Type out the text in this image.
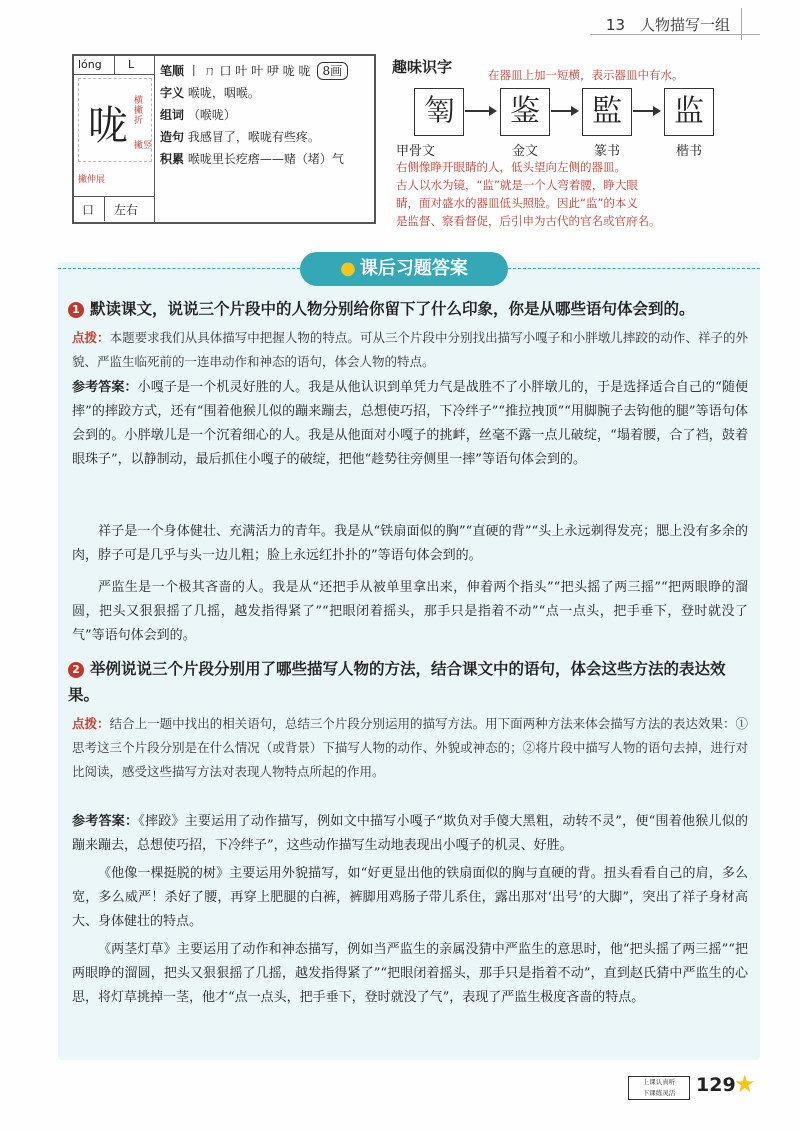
13　人物描写一组
lóng L
咙
横撇折
撇竖
撇伸展
口 左右
笔顺 丨 ㄇ 口 叶 叶 吚 咙 咙 8画
字义 喉咙，咽喉。
组词 （喉咙）
造句 我感冒了，喉咙有些疼。
积累 喉咙里长疙瘩——赌（堵）气
趣味识字	在器皿上加一短横，表示器皿中有水。
𠤄	鉴	監	监
甲骨文	金文	篆书	楷书
右侧像睁开眼睛的人，低头望向左侧的器皿。
古人以水为镜，“监”就是一个人弯着腰，睁大眼
睛，面对盛水的器皿低头照脸。因此“监”的本义
是监督、察看督促，后引申为古代的官名或官府名。
● 课后习题答案
1 默读课文，说说三个片段中的人物分别给你留下了什么印象，你是从哪些语句体会到的。
点拨：本题要求我们从具体描写中把握人物的特点。可从三个片段中分别找出描写小嘎子和小胖墩儿摔跤的动作、祥子的外貌、严监生临死前的一连串动作和神态的语句，体会人物的特点。
参考答案：小嘎子是一个机灵好胜的人。我是从他认识到单凭力气是战胜不了小胖墩儿的，于是选择适合自己的“随便摔”的摔跤方式，还有“围着他猴儿似的蹦来蹦去，总想使巧招，下冷绊子”“推拉拽顶”“用脚腕子去钩他的腿”等语句体会到的。小胖墩儿是一个沉着细心的人。我是从他面对小嘎子的挑衅，丝毫不露一点儿破绽，“塌着腰，合了裆，鼓着眼珠子”，以静制动，最后抓住小嘎子的破绽，把他“趁势往旁侧里一摔”等语句体会到的。
祥子是一个身体健壮、充满活力的青年。我是从“铁扇面似的胸”“直硬的背”“头上永远剃得发亮；腮上没有多余的肉，脖子可是几乎与头一边儿粗；脸上永远红扑扑的”等语句体会到的。
严监生是一个极其吝啬的人。我是从“还把手从被单里拿出来，伸着两个指头”“把头摇了两三摇”“把两眼睁的溜圆，把头又狠狠摇了几摇，越发指得紧了”“把眼闭着摇头，那手只是指着不动”“点一点头，把手垂下，登时就没了气”等语句体会到的。
2 举例说说三个片段分别用了哪些描写人物的方法，结合课文中的语句，体会这些方法的表达效果。
点拨：结合上一题中找出的相关语句，总结三个片段分别运用的描写方法。用下面两种方法来体会描写方法的表达效果：①思考这三个片段分别是在什么情况（或背景）下描写人物的动作、外貌或神态的；②将片段中描写人物的语句去掉，进行对比阅读，感受这些描写方法对表现人物特点所起的作用。
参考答案：《摔跤》主要运用了动作描写，例如文中描写小嘎子“欺负对手傻大黑粗，动转不灵”，便“围着他猴儿似的蹦来蹦去，总想使巧招，下冷绊子”，这些动作描写生动地表现出小嘎子的机灵、好胜。
《他像一棵挺脱的树》主要运用外貌描写，如“好更显出他的铁扇面似的胸与直硬的背。扭头看看自己的肩，多么宽，多么威严！杀好了腰，再穿上肥腿的白裤，裤脚用鸡肠子带儿系住，露出那对‘出号’的大脚”，突出了祥子身材高大、身体健壮的特点。
《两茎灯草》主要运用了动作和神态描写，例如当严监生的亲属没猜中严监生的意思时，他“把头摇了两三摇”“把两眼睁的溜圆，把头又狠狠摇了几摇，越发指得紧了”“把眼闭着摇头，那手只是指着不动”，直到赵氏猜中严监生的心思，将灯草挑掉一茎，他才“点一点头，把手垂下，登时就没了气”，表现了严监生极度吝啬的特点。
上课认真听
下课练灵活	129
★
